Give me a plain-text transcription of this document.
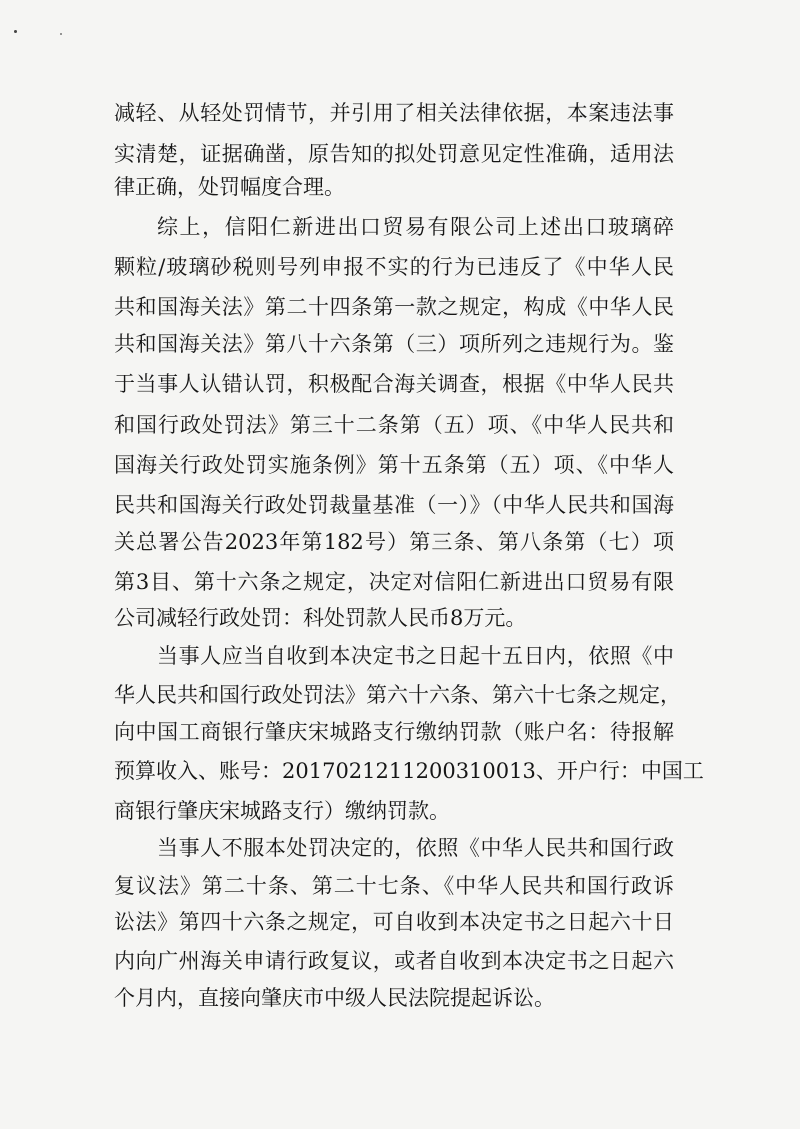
减轻、从轻处罚情节，并引用了相关法律依据，本案违法事
实清楚，证据确凿，原告知的拟处罚意见定性准确，适用法
律正确，处罚幅度合理。
综上，信阳仁新进出口贸易有限公司上述出口玻璃碎
颗粒/玻璃砂税则号列申报不实的行为已违反了《中华人民
共和国海关法》第二十四条第一款之规定，构成《中华人民
共和国海关法》第八十六条第（三）项所列之违规行为。鉴
于当事人认错认罚，积极配合海关调查，根据《中华人民共
和国行政处罚法》第三十二条第（五）项、《中华人民共和
国海关行政处罚实施条例》第十五条第（五）项、《中华人
民共和国海关行政处罚裁量基准（一）》（中华人民共和国海
关总署公告2023年第182号）第三条、第八条第（七）项
第3目、第十六条之规定，决定对信阳仁新进出口贸易有限
公司减轻行政处罚：科处罚款人民币8万元。
当事人应当自收到本决定书之日起十五日内，依照《中
华人民共和国行政处罚法》第六十六条、第六十七条之规定，
向中国工商银行肇庆宋城路支行缴纳罚款（账户名：待报解
预算收入、账号：2017021211200310013、开户行：中国工
商银行肇庆宋城路支行）缴纳罚款。
当事人不服本处罚决定的，依照《中华人民共和国行政
复议法》第二十条、第二十七条、《中华人民共和国行政诉
讼法》第四十六条之规定，可自收到本决定书之日起六十日
内向广州海关申请行政复议，或者自收到本决定书之日起六
个月内，直接向肇庆市中级人民法院提起诉讼。
